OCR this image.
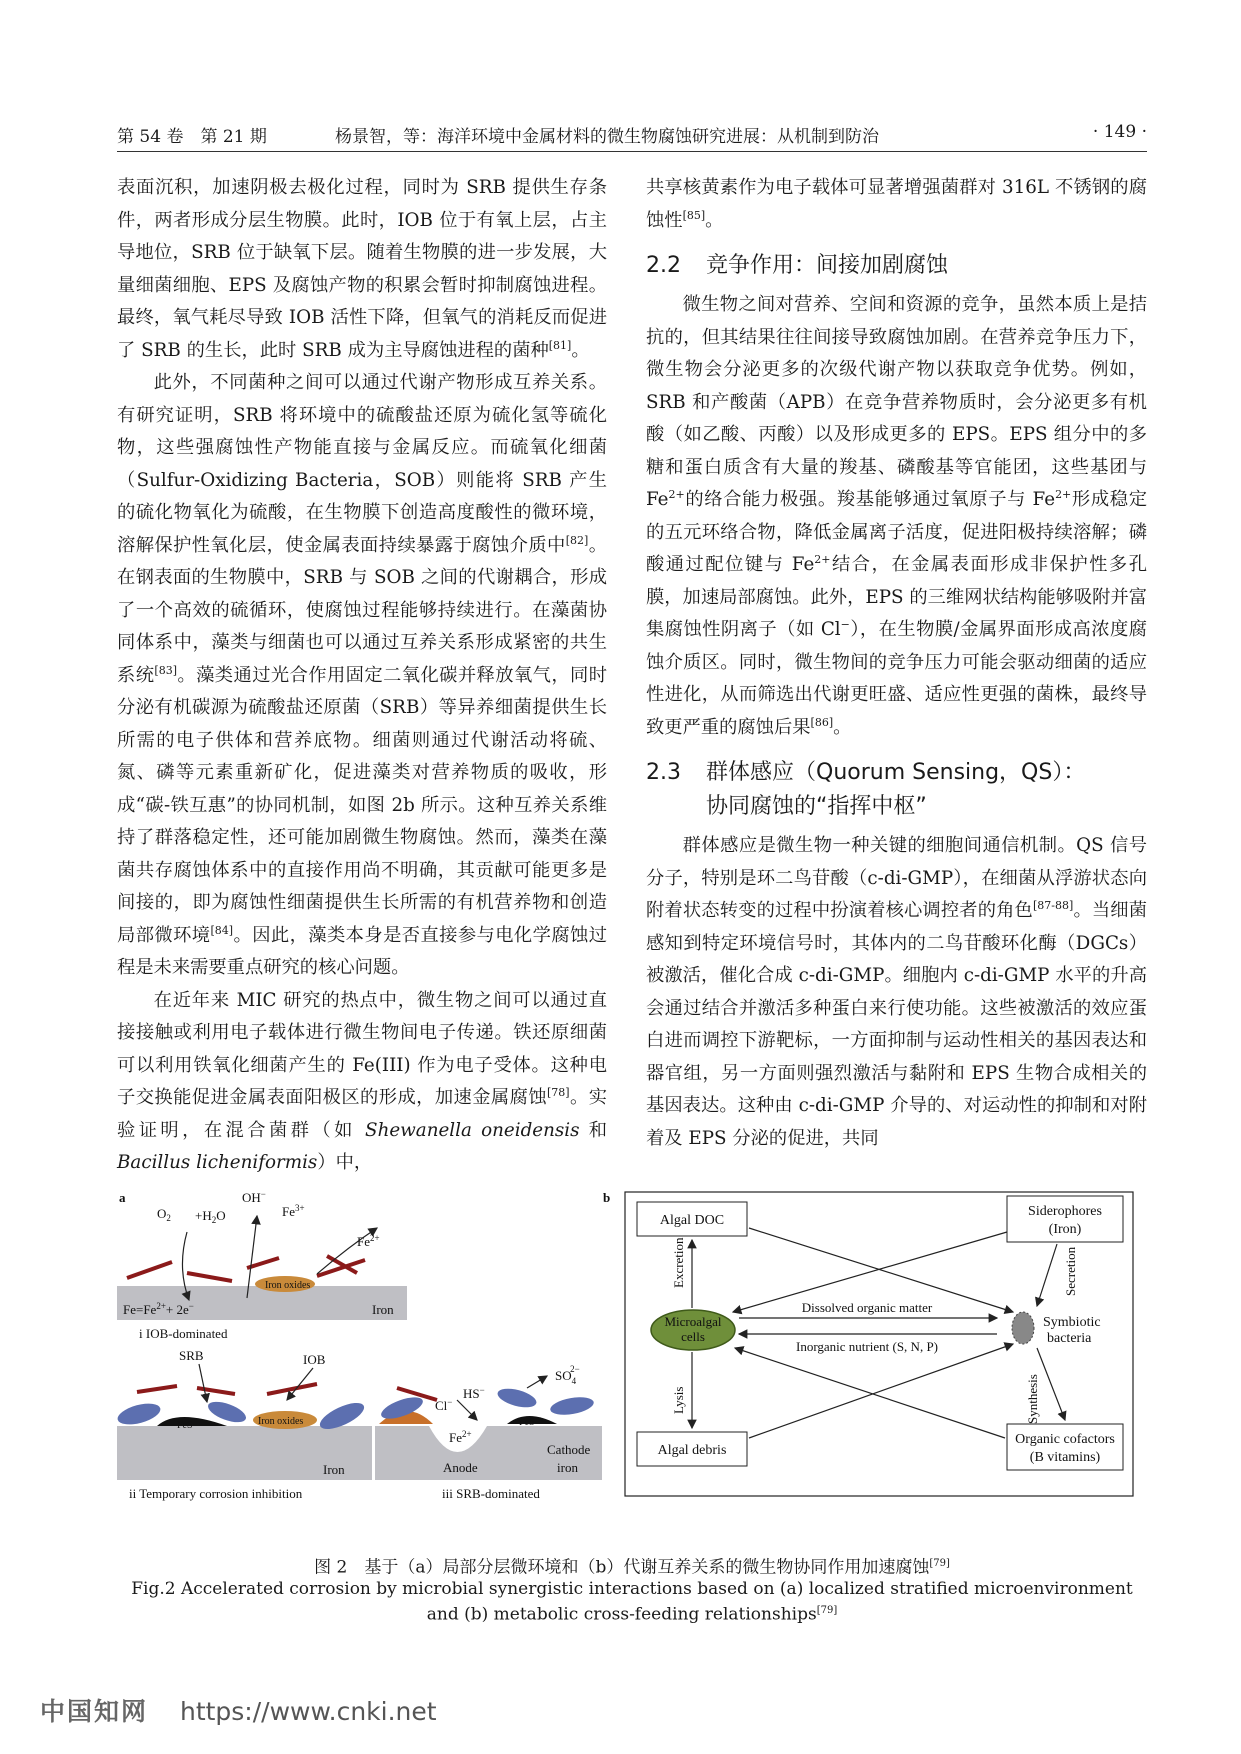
第 54 卷　第 21 期	杨景智，等：海洋环境中金属材料的微生物腐蚀研究进展：从机制到防治	· 149 ·

表面沉积，加速阴极去极化过程，同时为 SRB 提供生存条件，两者形成分层生物膜。此时，IOB 位于有氧上层，占主导地位，SRB 位于缺氧下层。随着生物膜的进一步发展，大量细菌细胞、EPS 及腐蚀产物的积累会暂时抑制腐蚀进程。最终，氧气耗尽导致 IOB 活性下降，但氧气的消耗反而促进了 SRB 的生长，此时 SRB 成为主导腐蚀进程的菌种[81]。

此外，不同菌种之间可以通过代谢产物形成互养关系。有研究证明，SRB 将环境中的硫酸盐还原为硫化氢等硫化物，这些强腐蚀性产物能直接与金属反应。而硫氧化细菌（Sulfur-Oxidizing Bacteria，SOB）则能将 SRB 产生的硫化物氧化为硫酸，在生物膜下创造高度酸性的微环境，溶解保护性氧化层，使金属表面持续暴露于腐蚀介质中[82]。在钢表面的生物膜中，SRB 与 SOB 之间的代谢耦合，形成了一个高效的硫循环，使腐蚀过程能够持续进行。在藻菌协同体系中，藻类与细菌也可以通过互养关系形成紧密的共生系统[83]。藻类通过光合作用固定二氧化碳并释放氧气，同时分泌有机碳源为硫酸盐还原菌（SRB）等异养细菌提供生长所需的电子供体和营养底物。细菌则通过代谢活动将硫、氮、磷等元素重新矿化，促进藻类对营养物质的吸收，形成“碳-铁互惠”的协同机制，如图 2b 所示。这种互养关系维持了群落稳定性，还可能加剧微生物腐蚀。然而，藻类在藻菌共存腐蚀体系中的直接作用尚不明确，其贡献可能更多是间接的，即为腐蚀性细菌提供生长所需的有机营养物和创造局部微环境[84]。因此，藻类本身是否直接参与电化学腐蚀过程是未来需要重点研究的核心问题。

在近年来 MIC 研究的热点中，微生物之间可以通过直接接触或利用电子载体进行微生物间电子传递。铁还原细菌可以利用铁氧化细菌产生的 Fe(III) 作为电子受体。这种电子交换能促进金属表面阳极区的形成，加速金属腐蚀[78]。实验证明，在混合菌群（如 Shewanella oneidensis 和 Bacillus licheniformis）中，

共享核黄素作为电子载体可显著增强菌群对 316L 不锈钢的腐蚀性[85]。

2.2 竞争作用：间接加剧腐蚀

微生物之间对营养、空间和资源的竞争，虽然本质上是拮抗的，但其结果往往间接导致腐蚀加剧。在营养竞争压力下，微生物会分泌更多的次级代谢产物以获取竞争优势。例如，SRB 和产酸菌（APB）在竞争营养物质时，会分泌更多有机酸（如乙酸、丙酸）以及形成更多的 EPS。EPS 组分中的多糖和蛋白质含有大量的羧基、磷酸基等官能团，这些基团与 $Fe^{2+}$的络合能力极强。羧基能够通过氧原子与 $Fe^{2+}$形成稳定的五元环络合物，降低金属离子活度，促进阳极持续溶解；磷酸通过配位键与 $Fe^{2+}$结合，在金属表面形成非保护性多孔膜，加速局部腐蚀。此外，EPS 的三维网状结构能够吸附并富集腐蚀性阴离子（如 Cl−），在生物膜/金属界面形成高浓度腐蚀介质区。同时，微生物间的竞争压力可能会驱动细菌的适应性进化，从而筛选出代谢更旺盛、适应性更强的菌株，最终导致更严重的腐蚀后果[86]。

2.3 群体感应（Quorum Sensing，QS）：
协同腐蚀的“指挥中枢”

群体感应是微生物一种关键的细胞间通信机制。QS 信号分子，特别是环二鸟苷酸（c-di-GMP），在细菌从浮游状态向附着状态转变的过程中扮演着核心调控者的角色[87-88]。当细菌感知到特定环境信号时，其体内的二鸟苷酸环化酶（DGCs）被激活，催化合成 c-di-GMP。细胞内 c-di-GMP 水平的升高会通过结合并激活多种蛋白来行使功能。这些被激活的效应蛋白进而调控下游靶标，一方面抑制与运动性相关的基因表达和器官组，另一方面则强烈激活与黏附和 EPS 生物合成相关的基因表达。这种由 c-di-GMP 介导的、对运动性的抑制和对附着及 EPS 分泌的促进，共同

a
$O_2 +H_2O$
OH−
$Fe^{3+}$
$Fe^{2+}$
Iron oxides
$Fe=Fe^{2+}+ 2e^-$	Iron
i IOB-dominated
SRB	IOB
FeS	Iron oxides
Iron
ii Temporary corrosion inhibition
Cl−
HS−
$SO_42-$
FeS
$Fe^{2+}$
Anode
Cathode
iron
iii SRB-dominated
b
Algal DOC
Siderophores
(Iron)
Microalgal
cells
Symbiotic
bacteria
Dissolved organic matter
Inorganic nutrient (S, N, P)
Excretion	Secretion
Algal debris
Lysis
Organic cofactors
(B vitamins)
Synthesis
图 2　基于（a）局部分层微环境和（b）代谢互养关系的微生物协同作用加速腐蚀[79]
Fig.2 Accelerated corrosion by microbial synergistic interactions based on (a) localized stratified microenvironment
and (b) metabolic cross-feeding relationships[79]
中国知网 https://www.cnki.net
